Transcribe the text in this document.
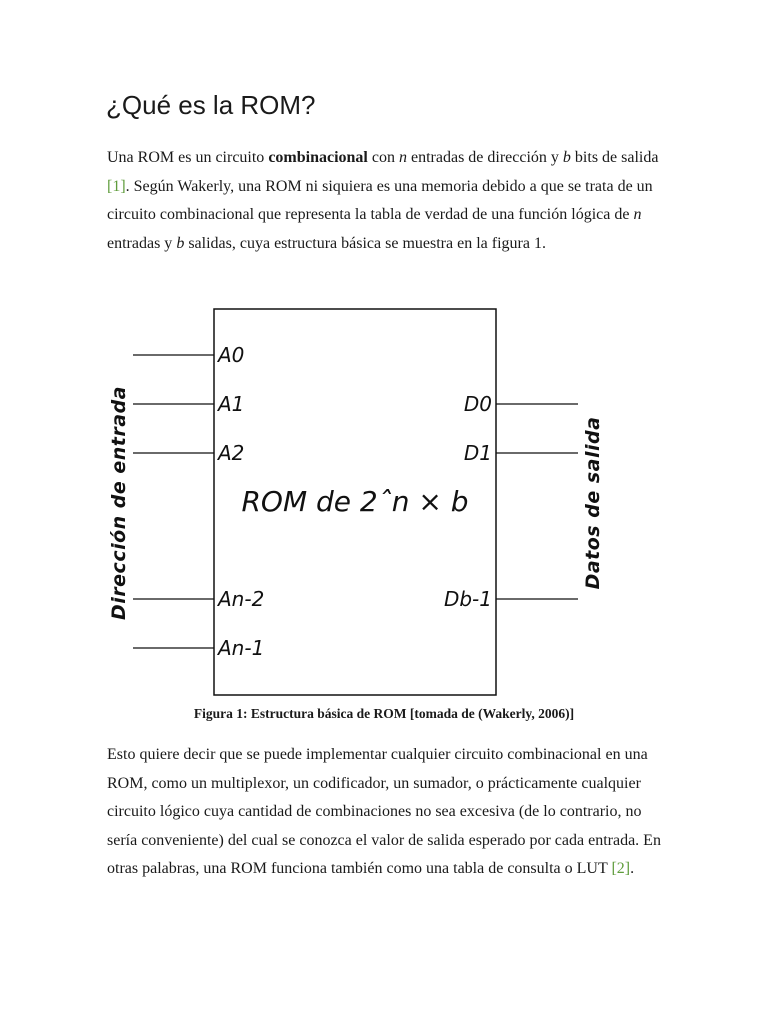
¿Qué es la ROM?

Una ROM es un circuito combinacional con n entradas de dirección y b bits de salida [1]. Según Wakerly, una ROM ni siquiera es una memoria debido a que se trata de un circuito combinacional que representa la tabla de verdad de una función lógica de n entradas y b salidas, cuya estructura básica se muestra en la figura 1.

A0
A1
A2
An-2
An-1
D0
D1
Db-1
ROM de 2ˆn × b
Dirección de entrada	Datos de salida
Figura 1: Estructura básica de ROM [tomada de (Wakerly, 2006)]

Esto quiere decir que se puede implementar cualquier circuito combinacional en una ROM, como un multiplexor, un codificador, un sumador, o prácticamente cualquier circuito lógico cuya cantidad de combinaciones no sea excesiva (de lo contrario, no sería conveniente) del cual se conozca el valor de salida esperado por cada entrada. En otras palabras, una ROM funciona también como una tabla de consulta o LUT [2].
